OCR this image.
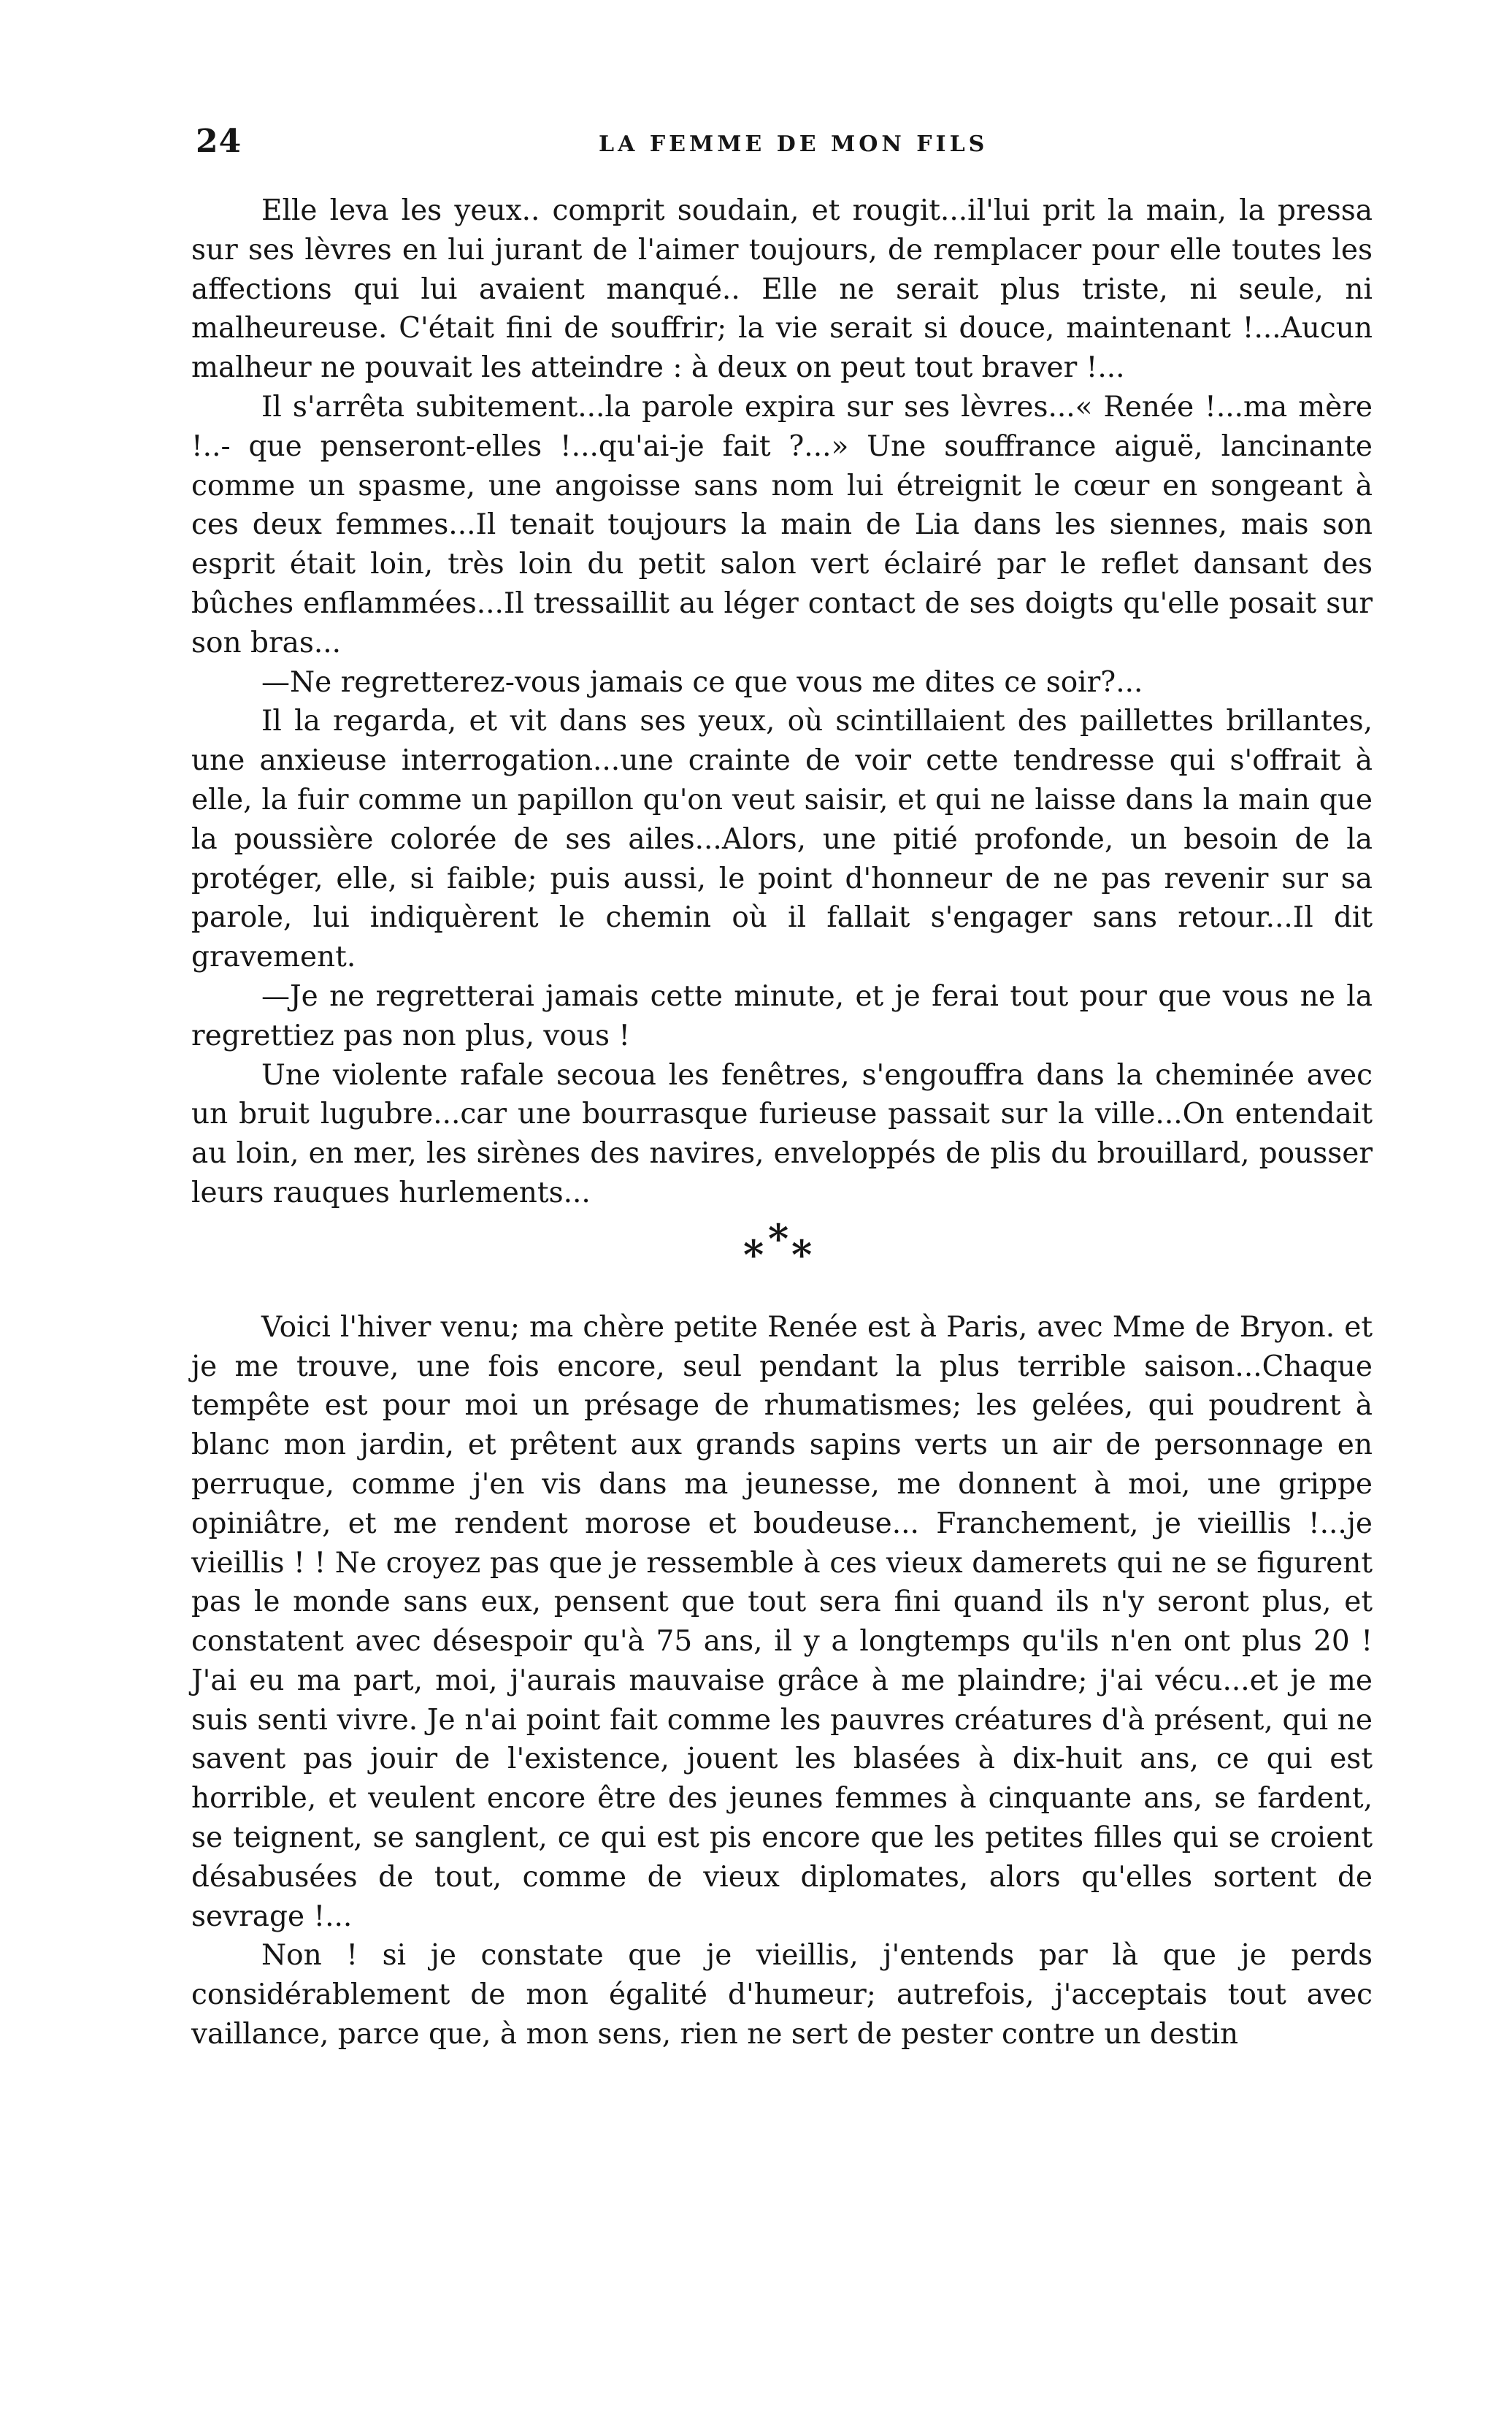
24	LA FEMME DE MON FILS

Elle leva les yeux.. comprit soudain, et rougit...il'lui prit la main, la pressa sur ses lèvres en lui jurant de l'aimer toujours, de remplacer pour elle toutes les affections qui lui avaient manqué.. Elle ne serait plus triste, ni seule, ni malheureuse. C'était fini de souffrir; la vie serait si douce, maintenant !...Aucun malheur ne pouvait les atteindre : à deux on peut tout braver !...

Il s'arrêta subitement...la parole expira sur ses lèvres...« Renée !...ma mère !..- que penseront-elles !...qu'ai-je fait ?...» Une souffrance aiguë, lancinante comme un spasme, une angoisse sans nom lui étreignit le cœur en songeant à ces deux femmes...Il tenait toujours la main de Lia dans les siennes, mais son esprit était loin, très loin du petit salon vert éclairé par le reflet dansant des bûches enflammées...Il tressaillit au léger contact de ses doigts qu'elle posait sur son bras...

—Ne regretterez-vous jamais ce que vous me dites ce soir?...

Il la regarda, et vit dans ses yeux, où scintillaient des paillettes brillantes, une anxieuse interrogation...une crainte de voir cette tendresse qui s'offrait à elle, la fuir comme un papillon qu'on veut saisir, et qui ne laisse dans la main que la poussière colorée de ses ailes...Alors, une pitié profonde, un besoin de la protéger, elle, si faible; puis aussi, le point d'honneur de ne pas revenir sur sa parole, lui indiquèrent le chemin où il fallait s'engager sans retour...Il dit gravement.

—Je ne regretterai jamais cette minute, et je ferai tout pour que vous ne la regrettiez pas non plus, vous !

Une violente rafale secoua les fenêtres, s'engouffra dans la cheminée avec un bruit lugubre...car une bourrasque furieuse passait sur la ville...On entendait au loin, en mer, les sirènes des navires, enveloppés de plis du brouillard, pousser leurs rauques hurlements...

* * *

Voici l'hiver venu; ma chère petite Renée est à Paris, avec Mme de Bryon. et je me trouve, une fois encore, seul pendant la plus terrible saison...Chaque tempête est pour moi un présage de rhumatismes; les gelées, qui poudrent à blanc mon jardin, et prêtent aux grands sapins verts un air de personnage en perruque, comme j'en vis dans ma jeunesse, me donnent à moi, une grippe opiniâtre, et me rendent morose et boudeuse... Franchement, je vieillis !...je vieillis ! ! Ne croyez pas que je ressemble à ces vieux damerets qui ne se figurent pas le monde sans eux, pensent que tout sera fini quand ils n'y seront plus, et constatent avec désespoir qu'à 75 ans, il y a longtemps qu'ils n'en ont plus 20 ! J'ai eu ma part, moi, j'aurais mauvaise grâce à me plaindre; j'ai vécu...et je me suis senti vivre. Je n'ai point fait comme les pauvres créatures d'à présent, qui ne savent pas jouir de l'existence, jouent les blasées à dix-huit ans, ce qui est horrible, et veulent encore être des jeunes femmes à cinquante ans, se fardent, se teignent, se sanglent, ce qui est pis encore que les petites filles qui se croient désabusées de tout, comme de vieux diplomates, alors qu'elles sortent de sevrage !...

Non ! si je constate que je vieillis, j'entends par là que je perds considérablement de mon égalité d'humeur; autrefois, j'acceptais tout avec vaillance, parce que, à mon sens, rien ne sert de pester contre un destin
